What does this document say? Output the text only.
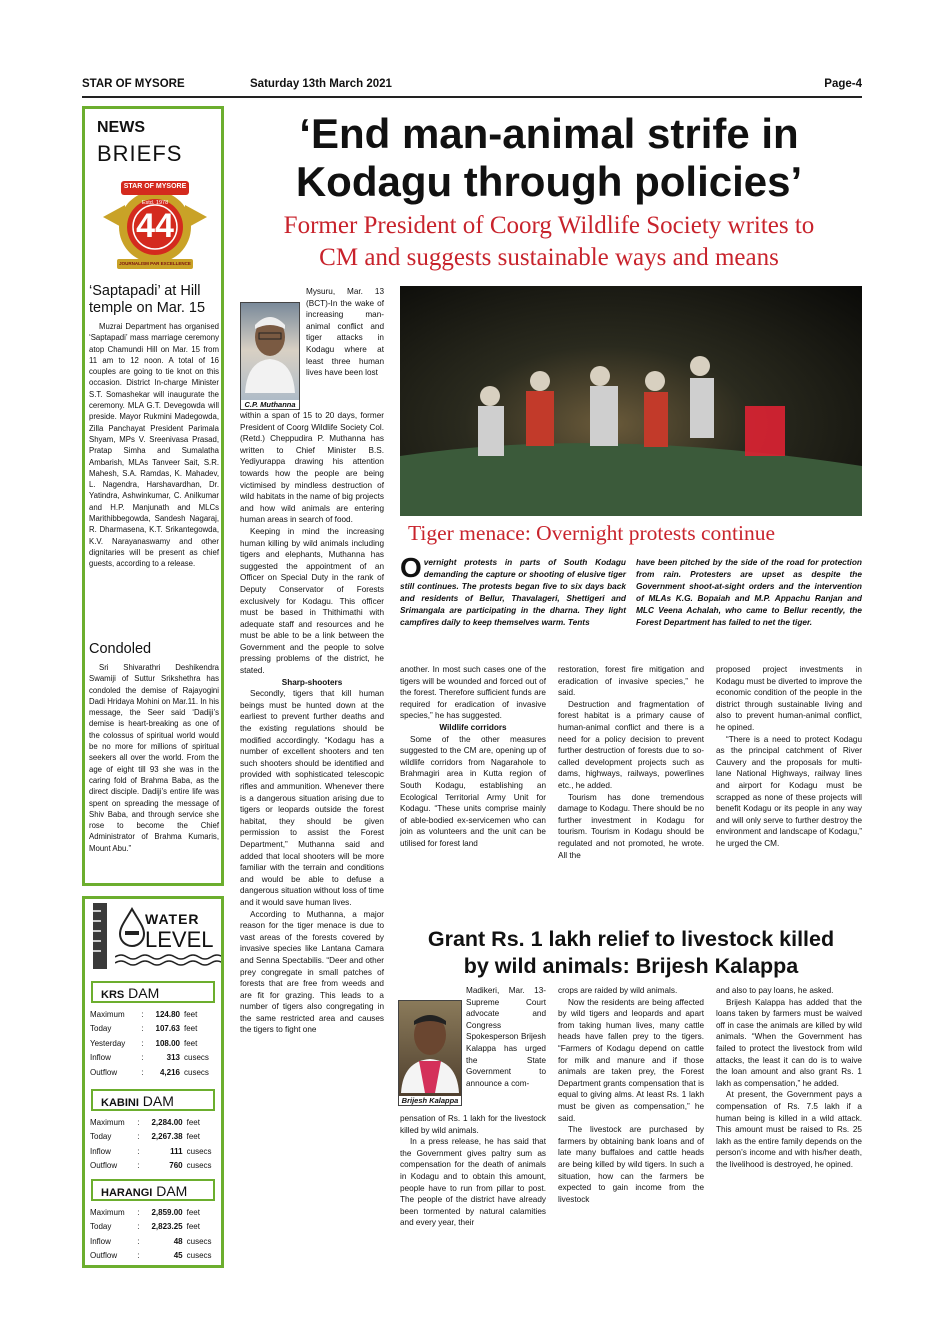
STAR OF MYSORE	Saturday 13th March 2021	Page-4
NEWS
BRIEFS
STAR OF MYSORE
Estd. 1978
44
JOURNALISM PAR EXCELLENCE
‘Saptapadi’ at Hill temple on Mar. 15
Muzrai Department has organised ‘Saptapadi’ mass marriage ceremony atop Chamundi Hill on Mar. 15 from 11 am to 12 noon. A total of 16 couples are going to tie knot on this occasion. District In-charge Minister S.T. Somashekar will inaugurate the ceremony. MLA G.T. Devegowda will preside. Mayor Rukmini Madegowda, Zilla Panchayat President Parimala Shyam, MPs V. Sreenivasa Prasad, Pratap Simha and Sumalatha Ambarish, MLAs Tanveer Sait, S.R. Mahesh, S.A. Ramdas, K. Mahadev, L. Nagendra, Harshavardhan, Dr. Yatindra, Ashwinkumar, C. Anilkumar and H.P. Manjunath and MLCs Marithibbegowda, Sandesh Nagaraj, R. Dharmasena, K.T. Srikantegowda, K.V. Narayanaswamy and other dignitaries will be present as chief guests, according to a release.
Condoled
Sri Shivarathri Deshikendra Swamiji of Suttur Srikshethra has condoled the demise of Rajayogini Dadi Hridaya Mohini on Mar.11. In his message, the Seer said ‘Dadiji’s demise is heart-breaking as one of the colossus of spiritual world would be no more for millions of spiritual seekers all over the world. From the age of eight till 93 she was in the caring fold of Brahma Baba, as the direct disciple. Dadiji’s entire life was spent on spreading the message of Shiv Baba, and through service she rose to become the Chief Administrator of Brahma Kumaris, Mount Abu.”
WATER
LEVEL
KRS DAM
Maximum	:	124.80	feet
Today	:	107.63	feet
Yesterday	:	108.00	feet
Inflow	:	313	cusecs
Outflow	:	4,216	cusecs
KABINI DAM
Maximum	:	2,284.00	feet
Today	:	2,267.38	feet
Inflow	:	111	cusecs
Outflow	:	760	cusecs
HARANGI DAM
Maximum	:	2,859.00	feet
Today	:	2,823.25	feet
Inflow	:	48	cusecs
Outflow	:	45	cusecs
‘End man-animal strife in
Kodagu through policies’
Former President of Coorg Wildlife Society writes to
CM and suggests sustainable ways and means
C.P. Muthanna
Mysuru, Mar. 13 (BCT)-In the wake of increasing man-animal conflict and tiger attacks in Kodagu where at least three human lives have been lost

within a span of 15 to 20 days, former President of Coorg Wildlife Society Col. (Retd.) Cheppudira P. Muthanna has written to Chief Minister B.S. Yediyurappa drawing his attention towards how the people are being victimised by mindless destruction of wild habitats in the name of big projects and how wild animals are entering human areas in search of food.

Keeping in mind the increasing human killing by wild animals including tigers and elephants, Muthanna has suggested the appointment of an Officer on Special Duty in the rank of Deputy Conservator of Forests exclusively for Kodagu. This officer must be based in Thithimathi with adequate staff and resources and he must be able to be a link between the Government and the people to solve pressing problems of the district, he stated.

Sharp-shooters

Secondly, tigers that kill human beings must be hunted down at the earliest to prevent further deaths and the existing regulations should be modified accordingly. “Kodagu has a number of excellent shooters and ten such shooters should be identified and provided with sophisticated telescopic rifles and ammunition. Whenever there is a dangerous situation arising due to tigers or leopards outside the forest habitat, they should be given permission to assist the Forest Department,” Muthanna said and added that local shooters will be more familiar with the terrain and conditions and would be able to defuse a dangerous situation without loss of time and it would save human lives.

According to Muthanna, a major reason for the tiger menace is due to vast areas of the forests covered by invasive species like Lantana Camara and Senna Spectabilis. “Deer and other prey congregate in small patches of forests that are free from weeds and are fit for grazing. This leads to a number of tigers also congregating in the same restricted area and causes the tigers to fight one

Tiger menace: Overnight protests continue
O vernight protests in parts of South Kodagu demanding the capture or shooting of elusive tiger still continues. The protests began five to six days back and residents of Bellur, Thavalageri, Shettigeri and Srimangala are participating in the dharna. They light campfires daily to keep themselves warm. Tents
have been pitched by the side of the road for protection from rain. Protesters are upset as despite the Government shoot-at-sight orders and the intervention of MLAs K.G. Bopaiah and M.P. Appachu Ranjan and MLC Veena Achalah, who came to Bellur recently, the Forest Department has failed to net the tiger.

another. In most such cases one of the tigers will be wounded and forced out of the forest. Therefore sufficient funds are required for eradication of invasive species,” he has suggested.

Wildlife corridors

Some of the other measures suggested to the CM are, opening up of wildlife corridors from Nagarahole to Brahmagiri area in Kutta region of South Kodagu, establishing an Ecological Territorial Army Unit for Kodagu. “These units comprise mainly of able-bodied ex-servicemen who can join as volunteers and the unit can be utilised for forest land

restoration, forest fire mitigation and eradication of invasive species,” he said.

Destruction and fragmentation of forest habitat is a primary cause of human-animal conflict and there is a need for a policy decision to prevent further destruction of forests due to so-called development projects such as dams, highways, railways, powerlines etc., he added.

Tourism has done tremendous damage to Kodagu. There should be no further investment in Kodagu for tourism. Tourism in Kodagu should be regulated and not promoted, he wrote. All the

proposed project investments in Kodagu must be diverted to improve the economic condition of the people in the district through sustainable living and also to prevent human-animal conflict, he opined.

“There is a need to protect Kodagu as the principal catchment of River Cauvery and the proposals for multi-lane National Highways, railway lines and airport for Kodagu must be scrapped as none of these projects will benefit Kodagu or its people in any way and will only serve to further destroy the environment and landscape of Kodagu,” he urged the CM.

Grant Rs. 1 lakh relief to livestock killed
by wild animals: Brijesh Kalappa
Brijesh Kalappa
Madikeri, Mar. 13- Supreme Court advocate and Congress Spokesperson Brijesh Kalappa has urged the State Government to announce a com-

pensation of Rs. 1 lakh for the livestock killed by wild animals.

In a press release, he has said that the Government gives paltry sum as compensation for the death of animals in Kodagu and to obtain this amount, people have to run from pillar to post. The people of the district have already been tormented by natural calamities and every year, their

crops are raided by wild animals.

Now the residents are being affected by wild tigers and leopards and apart from taking human lives, many cattle heads have fallen prey to the tigers. “Farmers of Kodagu depend on cattle for milk and manure and if those animals are taken prey, the Forest Department grants compensation that is equal to giving alms. At least Rs. 1 lakh must be given as compensation,” he said.

The livestock are purchased by farmers by obtaining bank loans and of late many buffaloes and cattle heads are being killed by wild tigers. In such a situation, how can the farmers be expected to gain income from the livestock

and also to pay loans, he asked.

Brijesh Kalappa has added that the loans taken by farmers must be waived off in case the animals are killed by wild animals. “When the Government has failed to protect the livestock from wild attacks, the least it can do is to waive the loan amount and also grant Rs. 1 lakh as compensation,” he added.

At present, the Government pays a compensation of Rs. 7.5 lakh if a human being is killed in a wild attack. This amount must be raised to Rs. 25 lakh as the entire family depends on the person’s income and with his/her death, the livelihood is destroyed, he opined.
